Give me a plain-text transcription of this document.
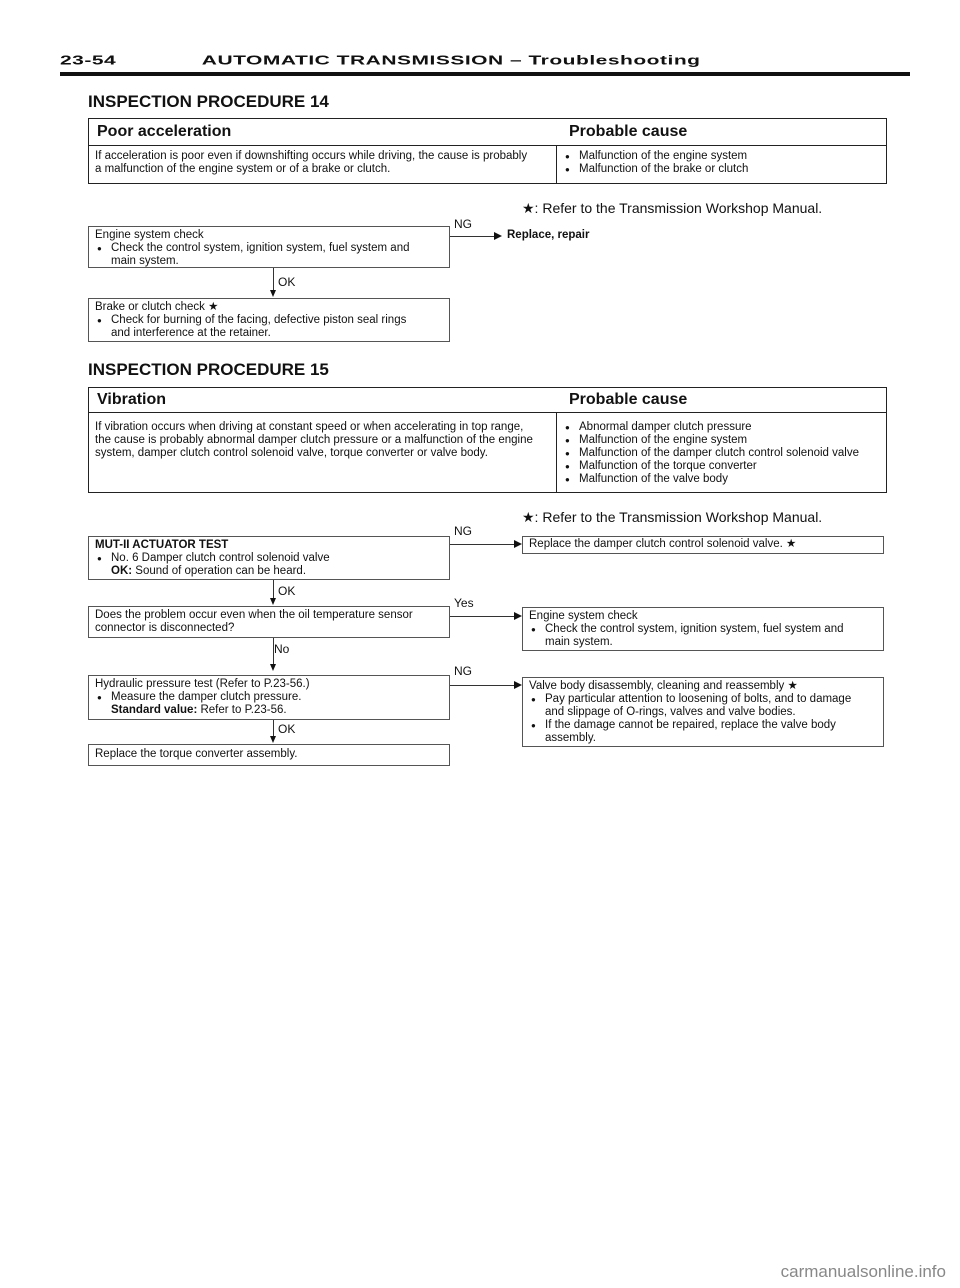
23-54	AUTOMATIC TRANSMISSION – Troubleshooting
INSPECTION PROCEDURE 14
Poor acceleration	Probable cause
If acceleration is poor even if downshifting occurs while driving, the cause is probably
a malfunction of the engine system or of a brake or clutch.
● Malfunction of the engine system
● Malfunction of the brake or clutch
★: Refer to the Transmission Workshop Manual.
Engine system check
● Check the control system, ignition system, fuel system and
main system.
NG
Replace, repair
OK
Brake or clutch check ★
● Check for burning of the facing, defective piston seal rings
and interference at the retainer.
INSPECTION PROCEDURE 15
Vibration	Probable cause
If vibration occurs when driving at constant speed or when accelerating in top range,
the cause is probably abnormal damper clutch pressure or a malfunction of the engine
system, damper clutch control solenoid valve, torque converter or valve body.
● Abnormal damper clutch pressure
● Malfunction of the engine system
● Malfunction of the damper clutch control solenoid valve
● Malfunction of the torque converter
● Malfunction of the valve body
★: Refer to the Transmission Workshop Manual.
MUT-II ACTUATOR TEST
● No. 6 Damper clutch control solenoid valve
OK: Sound of operation can be heard.
NG
Replace the damper clutch control solenoid valve. ★
OK
Does the problem occur even when the oil temperature sensor
connector is disconnected?
Yes
Engine system check
● Check the control system, ignition system, fuel system and
main system.
No
Hydraulic pressure test (Refer to P.23-56.)
● Measure the damper clutch pressure.
Standard value: Refer to P.23-56.
NG
Valve body disassembly, cleaning and reassembly ★
● Pay particular attention to loosening of bolts, and to damage
and slippage of O-rings, valves and valve bodies.
● If the damage cannot be repaired, replace the valve body
assembly.
OK
Replace the torque converter assembly.
carmanualsonline.info
